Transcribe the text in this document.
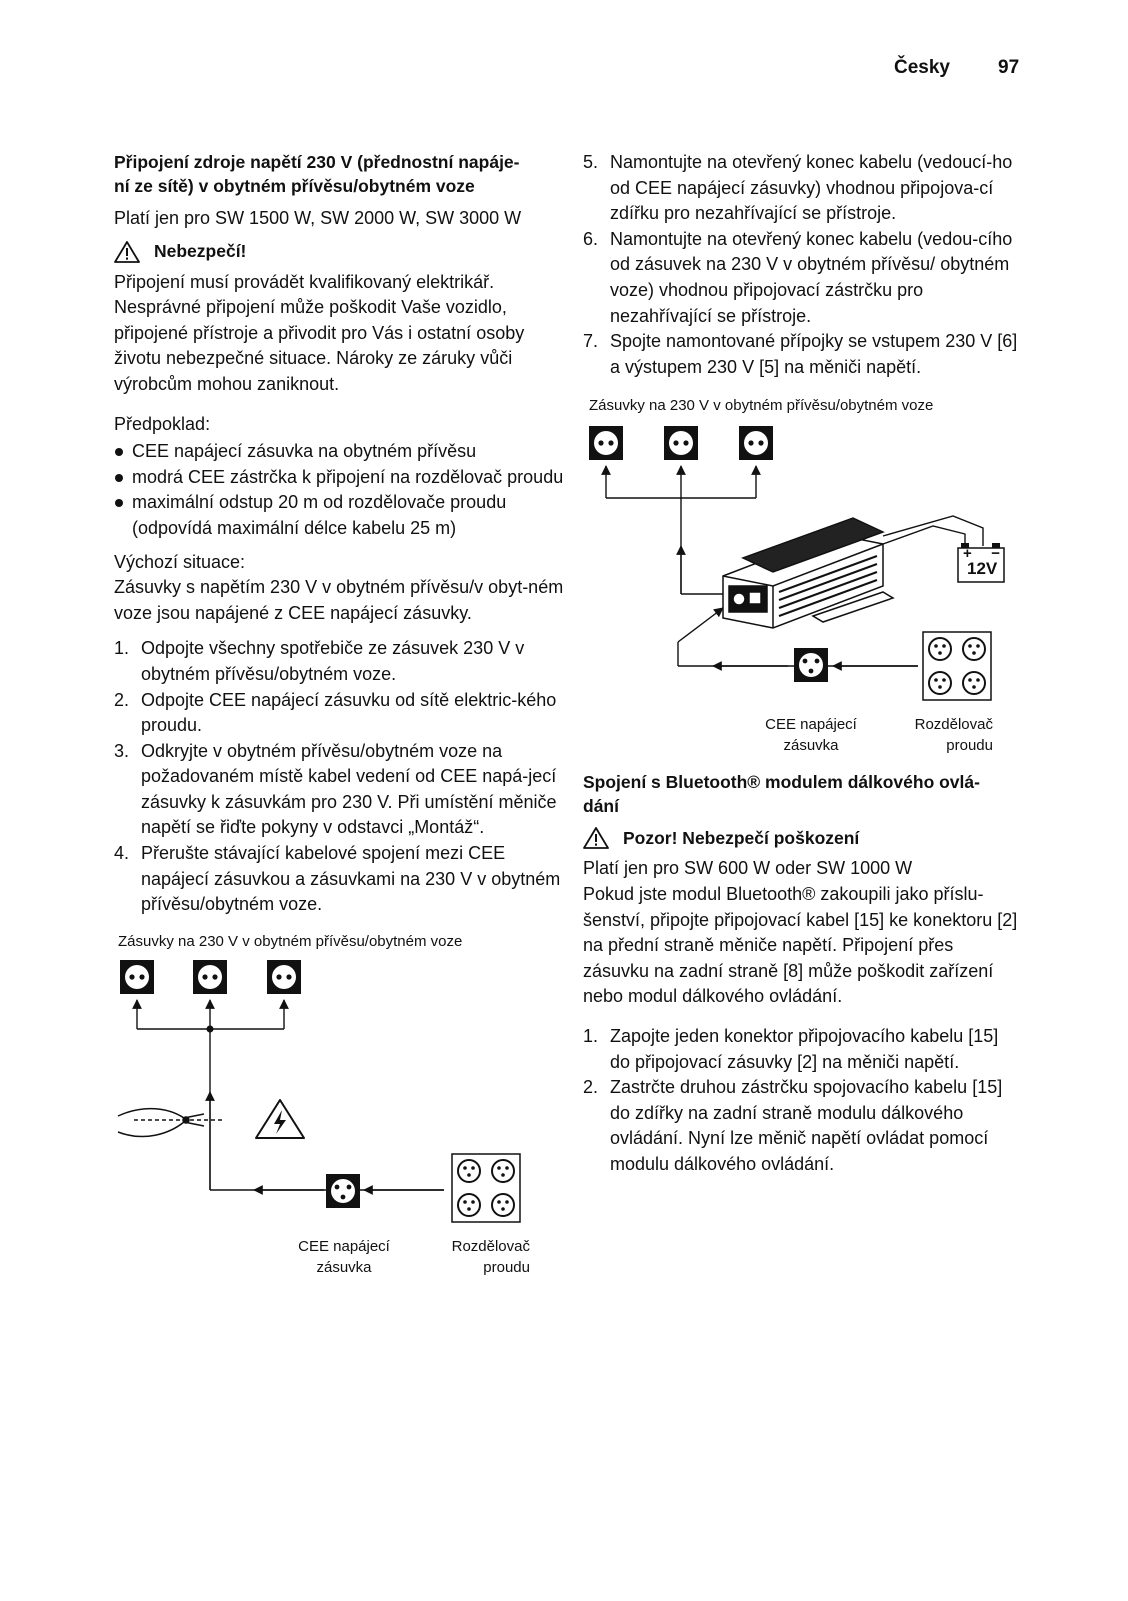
Česky	97
Připojení zdroje napětí 230 V (přednostní napáje-
ní ze sítě) v obytném přívěsu/obytném voze

Platí jen pro SW 1500 W, SW 2000 W, SW 3000 W

Nebezpečí!

Připojení musí provádět kvalifikovaný elektrikář. Nesprávné připojení může poškodit Vaše vozidlo, připojené přístroje a přivodit pro Vás i ostatní osoby životu nebezpečné situace. Nároky ze záruky vůči výrobcům mohou zaniknout.

Předpoklad:

CEE napájecí zásuvka na obytném přívěsu
modrá CEE zástrčka k připojení na rozdělovač proudu
maximální odstup 20 m od rozdělovače proudu (odpovídá maximální délce kabelu 25 m)

Výchozí situace:

Zásuvky s napětím 230 V v obytném přívěsu/v obyt-ném voze jsou napájené z CEE napájecí zásuvky.

1. Odpojte všechny spotřebiče ze zásuvek 230 V v obytném přívěsu/obytném voze.
2. Odpojte CEE napájecí zásuvku od sítě elektric-kého proudu.
3. Odkryjte v obytném přívěsu/obytném voze na požadovaném místě kabel vedení od CEE napá-jecí zásuvky k zásuvkám pro 230 V. Při umístění měniče napětí se řiďte pokyny v odstavci „Montáž“.
4. Přerušte stávající kabelové spojení mezi CEE napájecí zásuvkou a zásuvkami na 230 V v obytném přívěsu/obytném voze.
Zásuvky na 230 V v obytném přívěsu/obytném voze
CEE napájecí
zásuvka
Rozdělovač
proudu
5. Namontujte na otevřený konec kabelu (vedoucí-ho od CEE napájecí zásuvky) vhodnou připojova-cí zdířku pro nezahřívající se přístroje.
6. Namontujte na otevřený konec kabelu (vedou-cího od zásuvek na 230 V v obytném přívěsu/ obytném voze) vhodnou připojovací zástrčku pro nezahřívající se přístroje.
7. Spojte namontované přípojky se vstupem 230 V [6] a výstupem 230 V [5] na měniči napětí.
Zásuvky na 230 V v obytném přívěsu/obytném voze
+ −
12V
CEE napájecí
zásuvka
Rozdělovač
proudu
Spojení s Bluetooth® modulem dálkového ovlá-
dání
Pozor! Nebezpečí poškození

Platí jen pro SW 600 W oder SW 1000 W

Pokud jste modul Bluetooth® zakoupili jako příslu-šenství, připojte připojovací kabel [15] ke konektoru [2] na přední straně měniče napětí. Připojení přes zásuvku na zadní straně [8] může poškodit zařízení nebo modul dálkového ovládání.

1. Zapojte jeden konektor připojovacího kabelu [15] do připojovací zásuvky [2] na měniči napětí.
2. Zastrčte druhou zástrčku spojovacího kabelu [15] do zdířky na zadní straně modulu dálkového ovládání. Nyní lze měnič napětí ovládat pomocí modulu dálkového ovládání.
